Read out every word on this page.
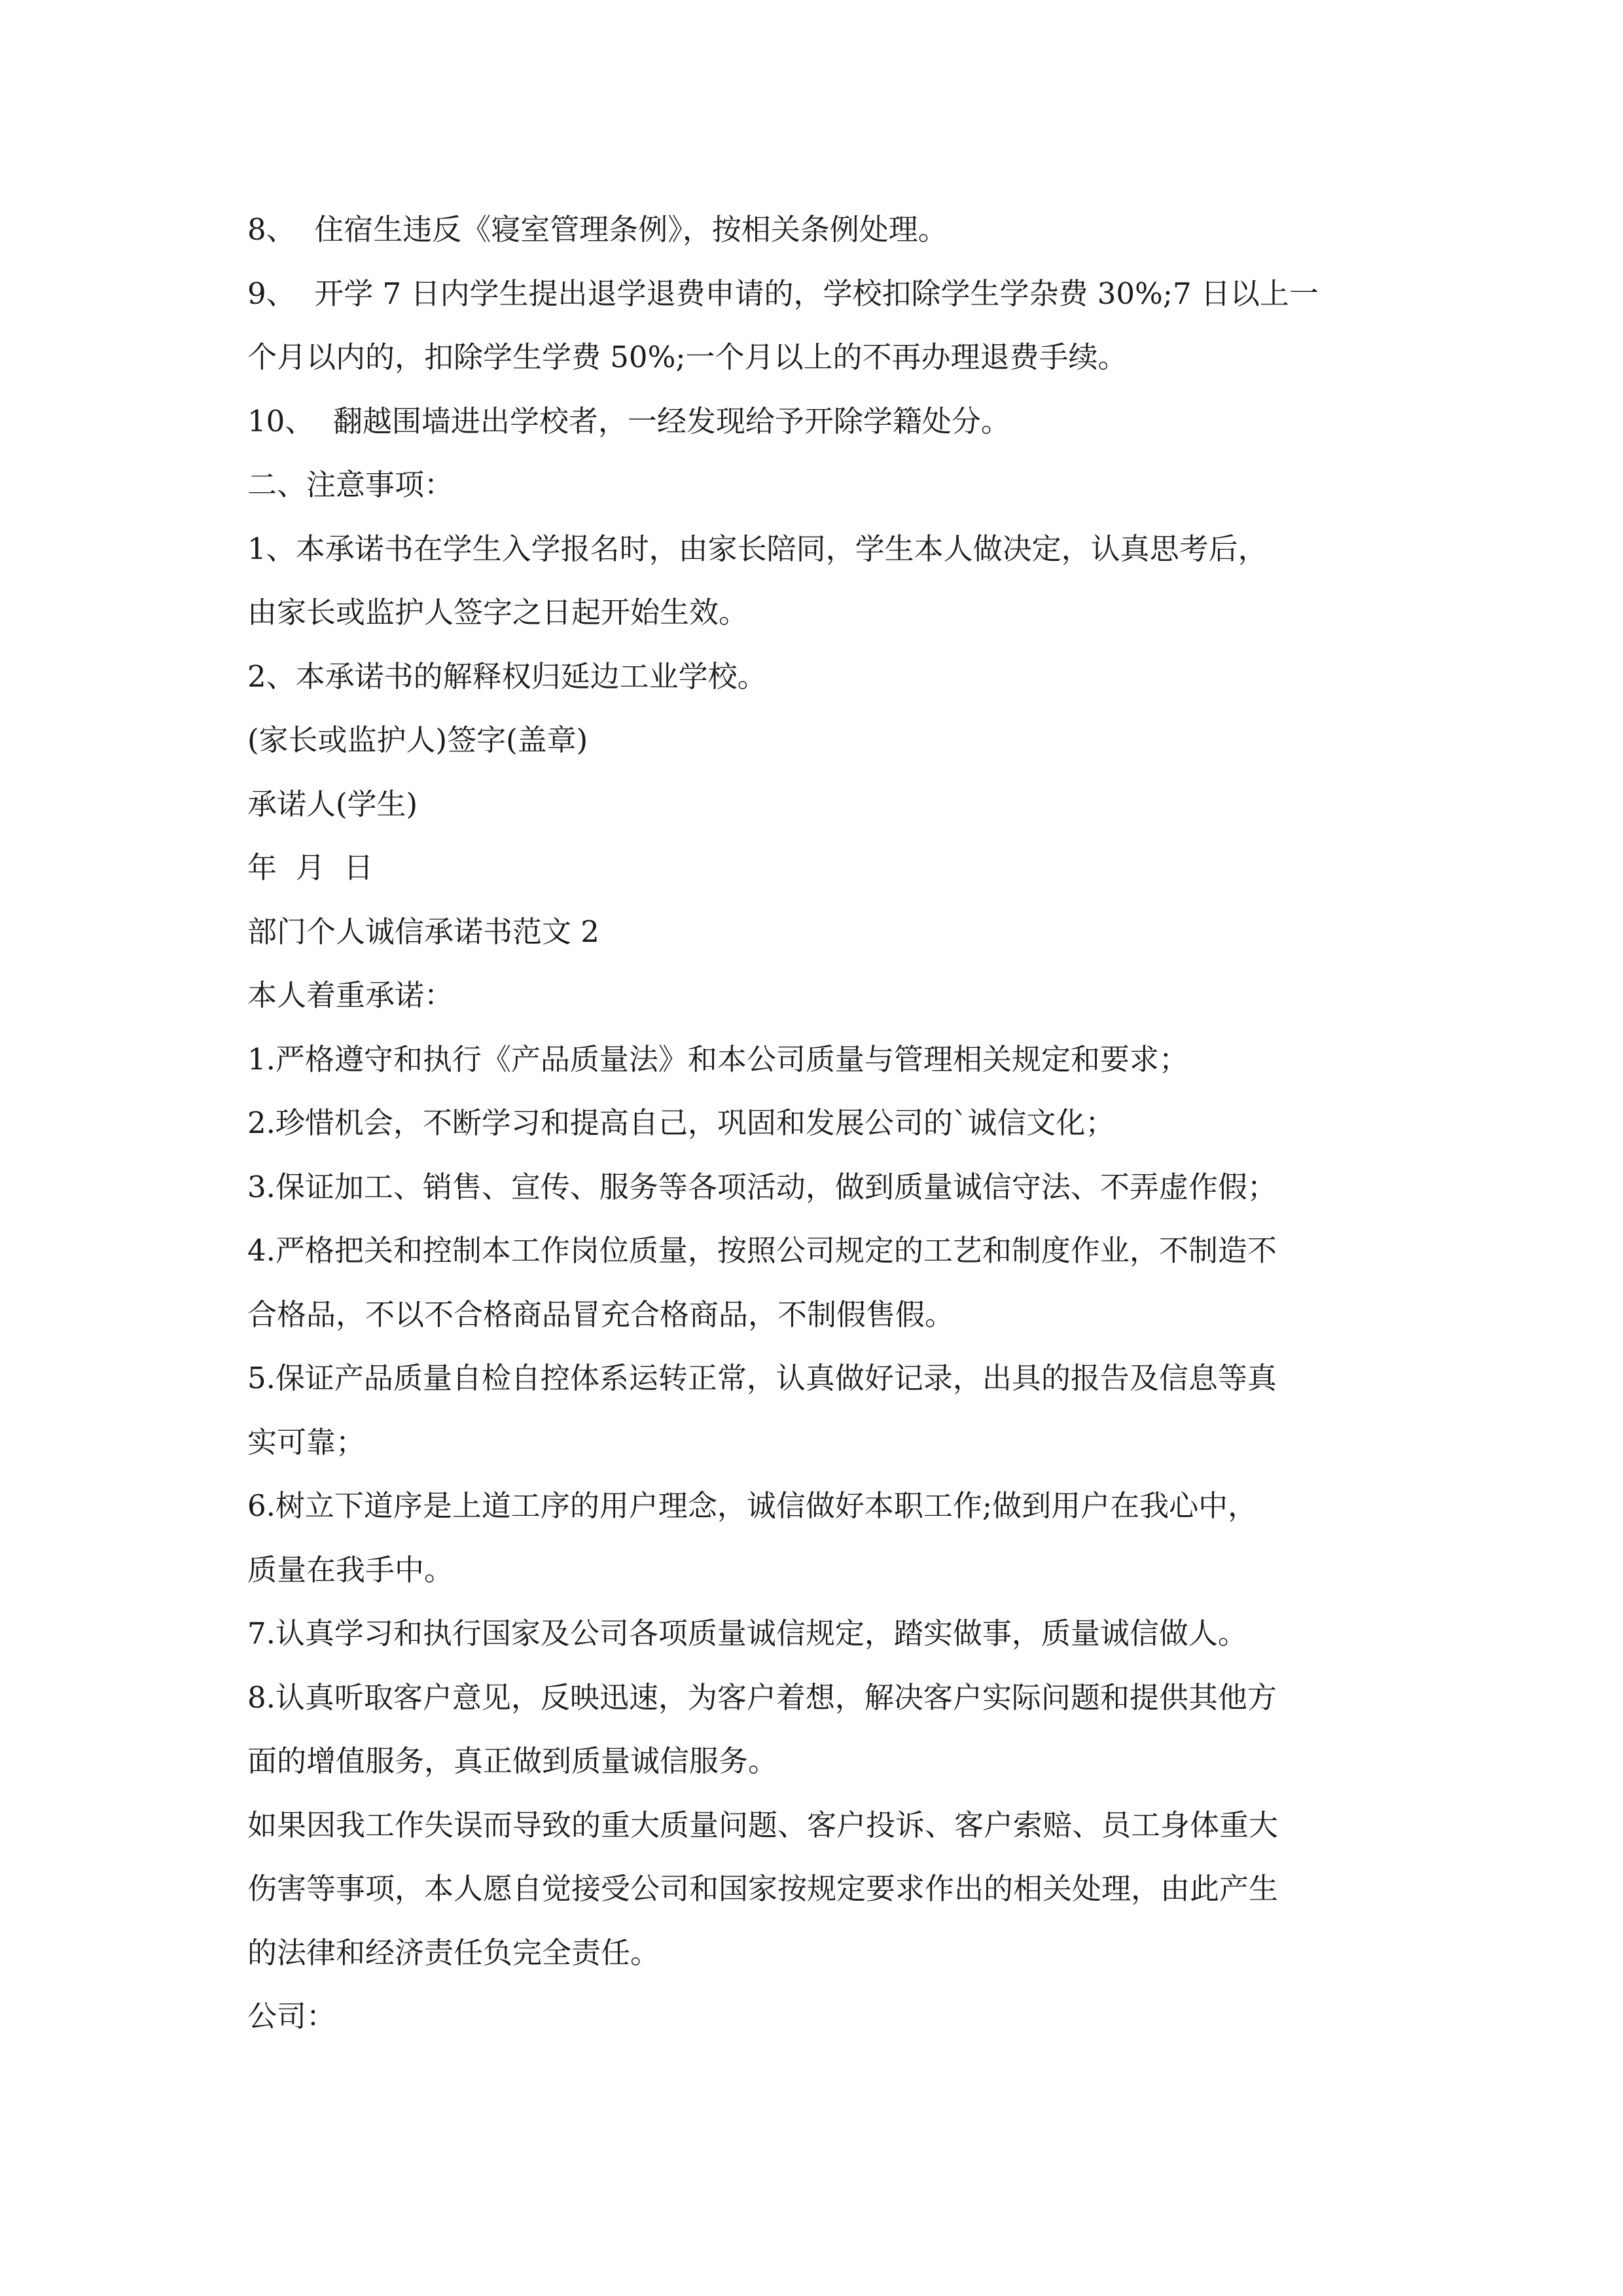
8、  住宿生违反《寝室管理条例》，按相关条例处理。
9、  开学 7 日内学生提出退学退费申请的，学校扣除学生学杂费 30%;7 日以上一
个月以内的，扣除学生学费 50%;一个月以上的不再办理退费手续。
10、  翻越围墙进出学校者，一经发现给予开除学籍处分。
二、注意事项：
1、本承诺书在学生入学报名时，由家长陪同，学生本人做决定，认真思考后，
由家长或监护人签字之日起开始生效。
2、本承诺书的解释权归延边工业学校。
(家长或监护人)签字(盖章)
承诺人(学生)
年  月  日
部门个人诚信承诺书范文 2
本人着重承诺：
1.严格遵守和执行《产品质量法》和本公司质量与管理相关规定和要求；
2.珍惜机会，不断学习和提高自己，巩固和发展公司的`诚信文化；
3.保证加工、销售、宣传、服务等各项活动，做到质量诚信守法、不弄虚作假；
4.严格把关和控制本工作岗位质量，按照公司规定的工艺和制度作业，不制造不
合格品，不以不合格商品冒充合格商品，不制假售假。
5.保证产品质量自检自控体系运转正常，认真做好记录，出具的报告及信息等真
实可靠；
6.树立下道序是上道工序的用户理念，诚信做好本职工作;做到用户在我心中，
质量在我手中。
7.认真学习和执行国家及公司各项质量诚信规定，踏实做事，质量诚信做人。
8.认真听取客户意见，反映迅速，为客户着想，解决客户实际问题和提供其他方
面的增值服务，真正做到质量诚信服务。
如果因我工作失误而导致的重大质量问题、客户投诉、客户索赔、员工身体重大
伤害等事项，本人愿自觉接受公司和国家按规定要求作出的相关处理，由此产生
的法律和经济责任负完全责任。
公司：
